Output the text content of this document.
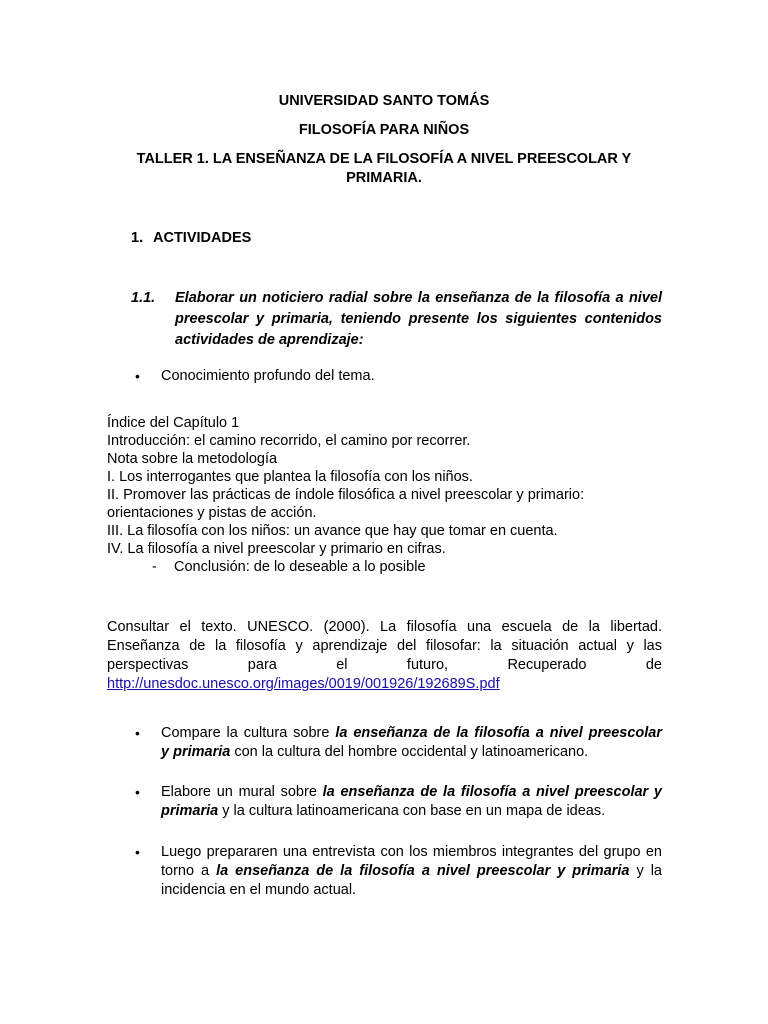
UNIVERSIDAD SANTO TOMÁS
FILOSOFÍA PARA NIÑOS
TALLER 1. LA ENSEÑANZA DE LA FILOSOFÍA A NIVEL PREESCOLAR Y
PRIMARIA.
1. ACTIVIDADES
1.1. Elaborar un noticiero radial sobre la enseñanza de la filosofía a nivel
preescolar y primaria, teniendo presente los siguientes contenidos
actividades de aprendizaje:
• Conocimiento profundo del tema.
Índice del Capítulo 1
Introducción: el camino recorrido, el camino por recorrer.
Nota sobre la metodología
I. Los interrogantes que plantea la filosofía con los niños.
II. Promover las prácticas de índole filosófica a nivel preescolar y primario:
orientaciones y pistas de acción.
III. La filosofía con los niños: un avance que hay que tomar en cuenta.
IV. La filosofía a nivel preescolar y primario en cifras.
- Conclusión: de lo deseable a lo posible
Consultar el texto. UNESCO. (2000). La filosofía una escuela de la libertad.
Enseñanza de la filosofía y aprendizaje del filosofar: la situación actual y las
perspectivas para el futuro, Recuperado de
http://unesdoc.unesco.org/images/0019/001926/192689S.pdf
• Compare la cultura sobre la enseñanza de la filosofía a nivel preescolar
y primaria con la cultura del hombre occidental y latinoamericano.
• Elabore un mural sobre la enseñanza de la filosofía a nivel preescolar y
primaria y la cultura latinoamericana con base en un mapa de ideas.
• Luego prepararen una entrevista con los miembros integrantes del grupo en
torno a la enseñanza de la filosofía a nivel preescolar y primaria y la
incidencia en el mundo actual.
